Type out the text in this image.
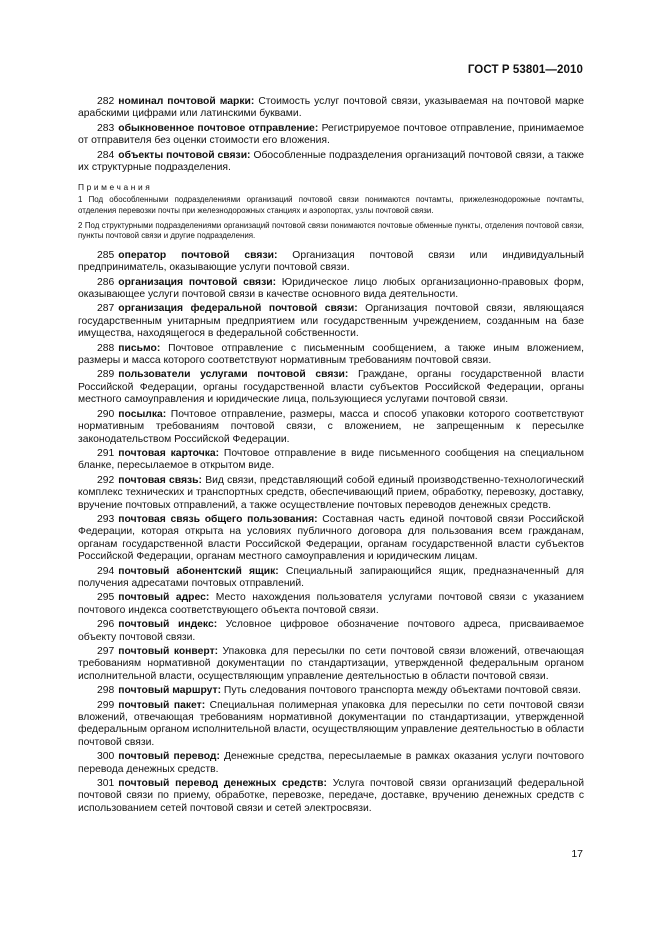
ГОСТ Р 53801—2010

282 номинал почтовой марки: Стоимость услуг почтовой связи, указываемая на почтовой марке арабскими цифрами или латинскими буквами.

283 обыкновенное почтовое отправление: Регистрируемое почтовое отправление, принимаемое от отправителя без оценки стоимости его вложения.

284 объекты почтовой связи: Обособленные подразделения организаций почтовой связи, а также их структурные подразделения.

Примечания

1 Под обособленными подразделениями организаций почтовой связи понимаются почтамты, прижелезнодорожные почтамты, отделения перевозки почты при железнодорожных станциях и аэропортах, узлы почтовой связи.

2 Под структурными подразделениями организаций почтовой связи понимаются почтовые обменные пункты, отделения почтовой связи, пункты почтовой связи и другие подразделения.

285 оператор почтовой связи: Организация почтовой связи или индивидуальный предприниматель, оказывающие услуги почтовой связи.

286 организация почтовой связи: Юридическое лицо любых организационно-правовых форм, оказывающее услуги почтовой связи в качестве основного вида деятельности.

287 организация федеральной почтовой связи: Организация почтовой связи, являющаяся государственным унитарным предприятием или государственным учреждением, созданным на базе имущества, находящегося в федеральной собственности.

288 письмо: Почтовое отправление с письменным сообщением, а также иным вложением, размеры и масса которого соответствуют нормативным требованиям почтовой связи.

289 пользователи услугами почтовой связи: Граждане, органы государственной власти Российской Федерации, органы государственной власти субъектов Российской Федерации, органы местного самоуправления и юридические лица, пользующиеся услугами почтовой связи.

290 посылка: Почтовое отправление, размеры, масса и способ упаковки которого соответствуют нормативным требованиям почтовой связи, с вложением, не запрещенным к пересылке законодательством Российской Федерации.

291 почтовая карточка: Почтовое отправление в виде письменного сообщения на специальном бланке, пересылаемое в открытом виде.

292 почтовая связь: Вид связи, представляющий собой единый производственно-технологический комплекс технических и транспортных средств, обеспечивающий прием, обработку, перевозку, доставку, вручение почтовых отправлений, а также осуществление почтовых переводов денежных средств.

293 почтовая связь общего пользования: Составная часть единой почтовой связи Российской Федерации, которая открыта на условиях публичного договора для пользования всем гражданам, органам государственной власти Российской Федерации, органам государственной власти субъектов Российской Федерации, органам местного самоуправления и юридическим лицам.

294 почтовый абонентский ящик: Специальный запирающийся ящик, предназначенный для получения адресатами почтовых отправлений.

295 почтовый адрес: Место нахождения пользователя услугами почтовой связи с указанием почтового индекса соответствующего объекта почтовой связи.

296 почтовый индекс: Условное цифровое обозначение почтового адреса, присваиваемое объекту почтовой связи.

297 почтовый конверт: Упаковка для пересылки по сети почтовой связи вложений, отвечающая требованиям нормативной документации по стандартизации, утвержденной федеральным органом исполнительной власти, осуществляющим управление деятельностью в области почтовой связи.

298 почтовый маршрут: Путь следования почтового транспорта между объектами почтовой связи.

299 почтовый пакет: Специальная полимерная упаковка для пересылки по сети почтовой связи вложений, отвечающая требованиям нормативной документации по стандартизации, утвержденной федеральным органом исполнительной власти, осуществляющим управление деятельностью в области почтовой связи.

300 почтовый перевод: Денежные средства, пересылаемые в рамках оказания услуги почтового перевода денежных средств.

301 почтовый перевод денежных средств: Услуга почтовой связи организаций федеральной почтовой связи по приему, обработке, перевозке, передаче, доставке, вручению денежных средств с использованием сетей почтовой связи и сетей электросвязи.

17
